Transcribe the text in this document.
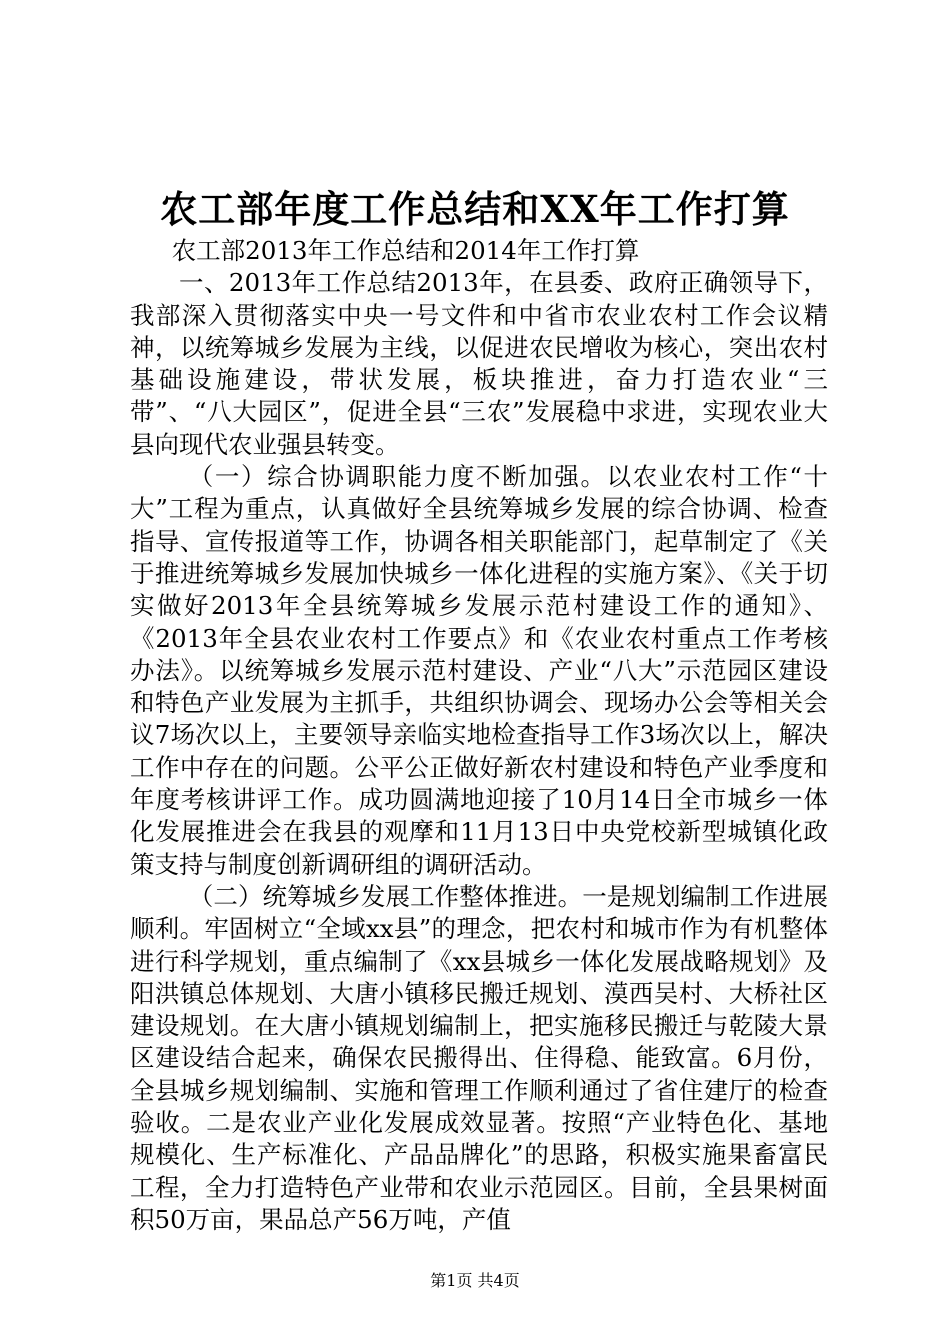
农工部年度工作总结和XX年工作打算

农工部2013年工作总结和2014年工作打算

一、2013年工作总结2013年，在县委、政府正确领导下，我部深入贯彻落实中央一号文件和中省市农业农村工作会议精神，以统筹城乡发展为主线，以促进农民增收为核心，突出农村基础设施建设，带状发展，板块推进，奋力打造农业“三带”、“八大园区”，促进全县“三农”发展稳中求进，实现农业大县向现代农业强县转变。

（一）综合协调职能力度不断加强。以农业农村工作“十大”工程为重点，认真做好全县统筹城乡发展的综合协调、检查指导、宣传报道等工作，协调各相关职能部门，起草制定了《关于推进统筹城乡发展加快城乡一体化进程的实施方案》、《关于切实做好2013年全县统筹城乡发展示范村建设工作的通知》、《2013年全县农业农村工作要点》和《农业农村重点工作考核办法》。以统筹城乡发展示范村建设、产业“八大”示范园区建设和特色产业发展为主抓手，共组织协调会、现场办公会等相关会议7场次以上，主要领导亲临实地检查指导工作3场次以上，解决工作中存在的问题。公平公正做好新农村建设和特色产业季度和年度考核讲评工作。成功圆满地迎接了10月14日全市城乡一体化发展推进会在我县的观摩和11月13日中央党校新型城镇化政策支持与制度创新调研组的调研活动。

（二）统筹城乡发展工作整体推进。一是规划编制工作进展顺利。牢固树立“全域xx县”的理念，把农村和城市作为有机整体进行科学规划，重点编制了《xx县城乡一体化发展战略规划》及阳洪镇总体规划、大唐小镇移民搬迁规划、漠西吴村、大桥社区建设规划。在大唐小镇规划编制上，把实施移民搬迁与乾陵大景区建设结合起来，确保农民搬得出、住得稳、能致富。6月份，全县城乡规划编制、实施和管理工作顺利通过了省住建厅的检查验收。二是农业产业化发展成效显著。按照“产业特色化、基地规模化、生产标准化、产品品牌化”的思路，积极实施果畜富民工程，全力打造特色产业带和农业示范园区。目前，全县果树面积50万亩，果品总产56万吨，产值

第1页 共4页
